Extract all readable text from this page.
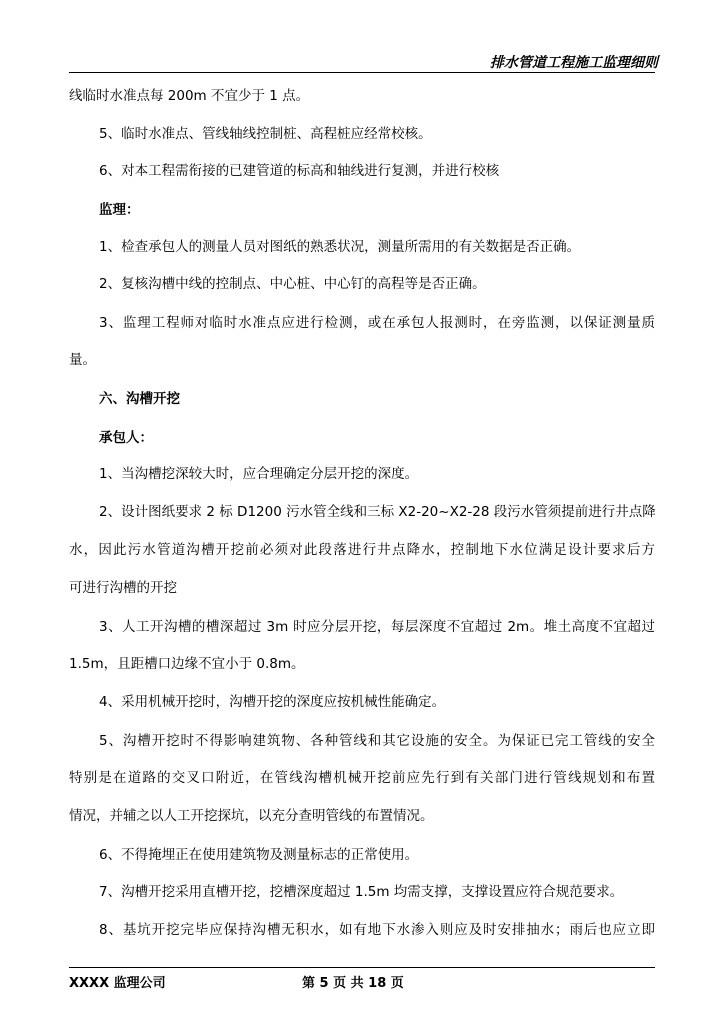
排水管道工程施工监理细则
线临时水准点每 200m 不宜少于 1 点。
5、临时水准点、管线轴线控制桩、高程桩应经常校核。
6、对本工程需衔接的已建管道的标高和轴线进行复测，并进行校核
监理：
1、检查承包人的测量人员对图纸的熟悉状况，测量所需用的有关数据是否正确。
2、复核沟槽中线的控制点、中心桩、中心钉的高程等是否正确。
3、监理工程师对临时水准点应进行检测，或在承包人报测时，在旁监测，以保证测量质
量。
六、沟槽开挖
承包人：
1、当沟槽挖深较大时，应合理确定分层开挖的深度。
2、设计图纸要求 2 标 D1200 污水管全线和三标 X2-20~X2-28 段污水管须提前进行井点降
水，因此污水管道沟槽开挖前必须对此段落进行井点降水，控制地下水位满足设计要求后方
可进行沟槽的开挖
3、人工开沟槽的槽深超过 3m 时应分层开挖，每层深度不宜超过 2m。堆土高度不宜超过
1.5m，且距槽口边缘不宜小于 0.8m。
4、采用机械开挖时，沟槽开挖的深度应按机械性能确定。
5、沟槽开挖时不得影响建筑物、各种管线和其它设施的安全。为保证已完工管线的安全
特别是在道路的交叉口附近，在管线沟槽机械开挖前应先行到有关部门进行管线规划和布置
情况，并辅之以人工开挖探坑，以充分查明管线的布置情况。
6、不得掩埋正在使用建筑物及测量标志的正常使用。
7、沟槽开挖采用直槽开挖，挖槽深度超过 1.5m 均需支撑，支撑设置应符合规范要求。
8、基坑开挖完毕应保持沟槽无积水，如有地下水渗入则应及时安排抽水；雨后也应立即
XXXX 监理公司	第 5 页 共 18 页
